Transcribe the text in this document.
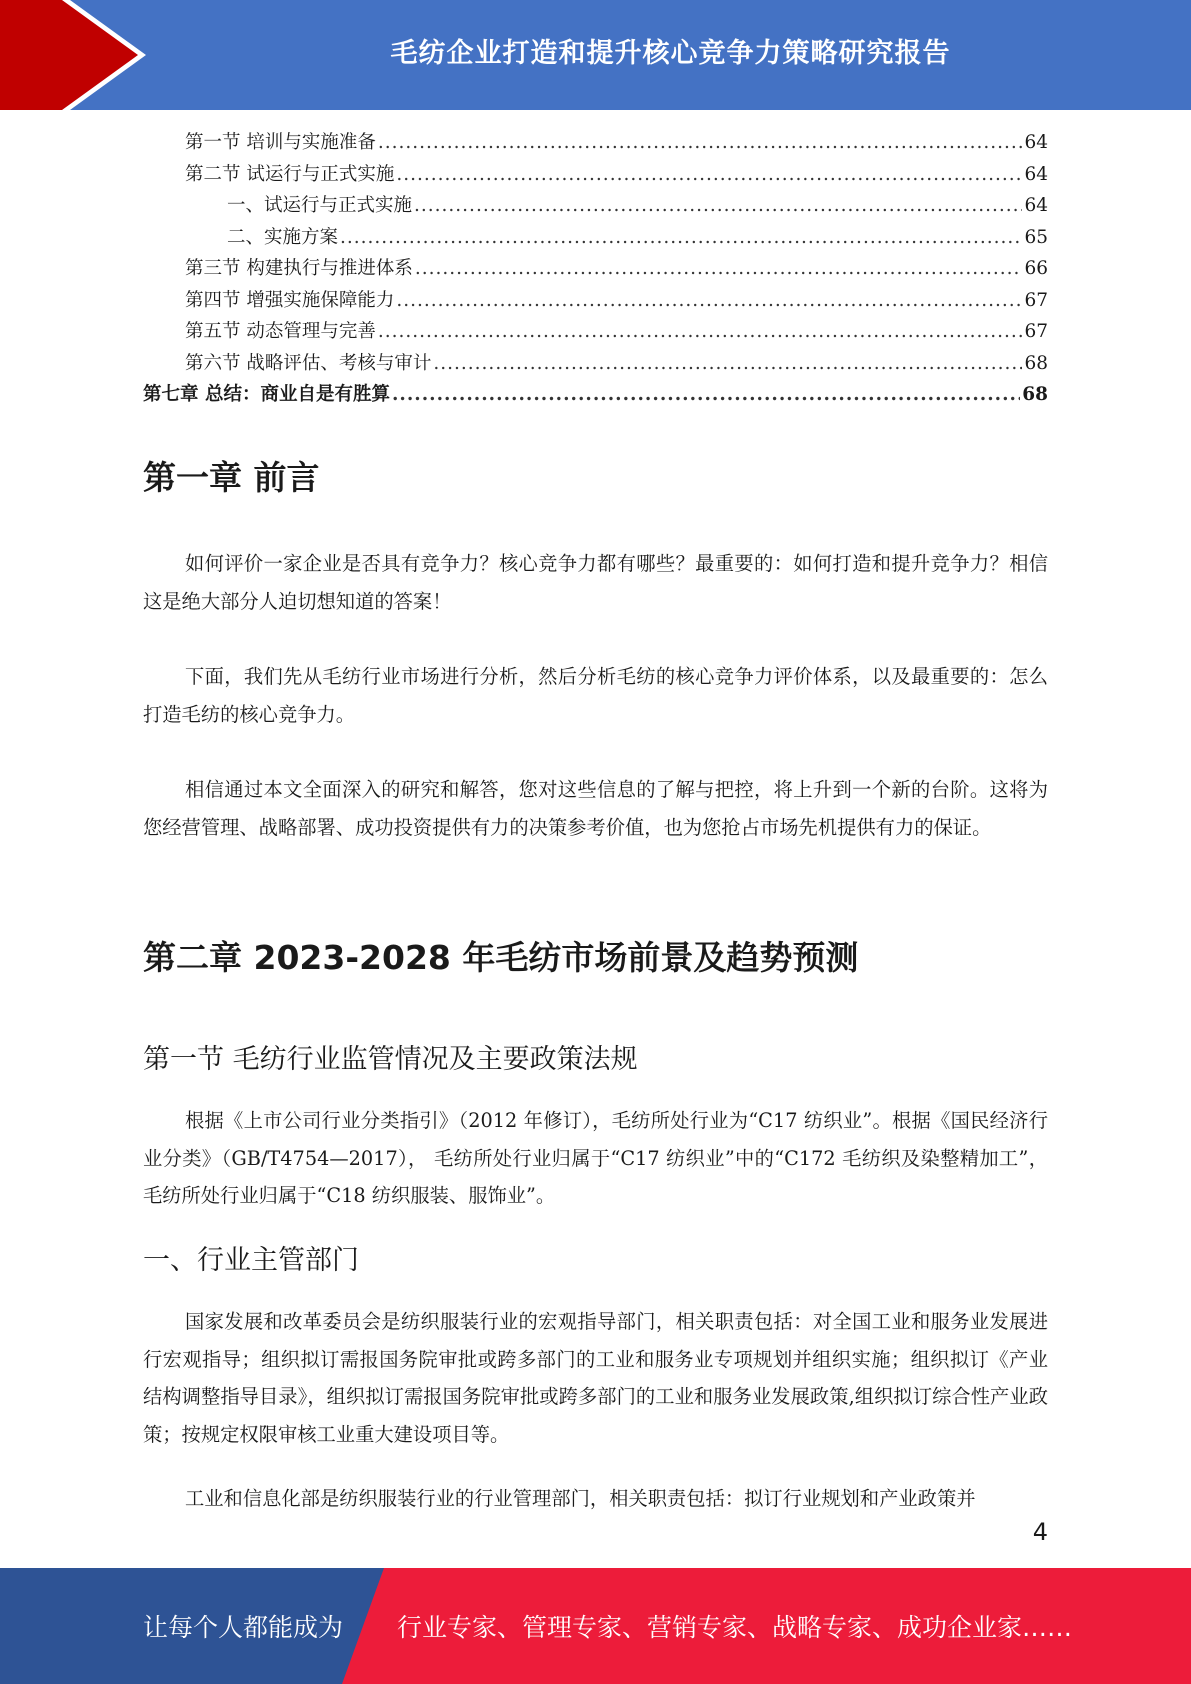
毛纺企业打造和提升核心竞争力策略研究报告
第一节 培训与实施准备 .....	64
第二节 试运行与正式实施 .....	64
一、试运行与正式实施 .....	64
二、实施方案 .....	65
第三节 构建执行与推进体系 .....	66
第四节 增强实施保障能力 .....	67
第五节 动态管理与完善 .....	67
第六节 战略评估、考核与审计 .....	68
第七章 总结：商业自是有胜算 .....	68
第一章 前言

如何评价一家企业是否具有竞争力？核心竞争力都有哪些？最重要的：如何打造和提升竞争力？相信这是绝大部分人迫切想知道的答案！

下面，我们先从毛纺行业市场进行分析，然后分析毛纺的核心竞争力评价体系，以及最重要的：怎么打造毛纺的核心竞争力。

相信通过本文全面深入的研究和解答，您对这些信息的了解与把控，将上升到一个新的台阶。这将为您经营管理、战略部署、成功投资提供有力的决策参考价值，也为您抢占市场先机提供有力的保证。

第二章 2023-2028 年毛纺市场前景及趋势预测
第一节 毛纺行业监管情况及主要政策法规

根据《上市公司行业分类指引》（2012 年修订），毛纺所处行业为“C17 纺织业”。根据《国民经济行业分类》（GB/T4754—2017）， 毛纺所处行业归属于“C17 纺织业”中的“C172 毛纺织及染整精加工”，毛纺所处行业归属于“C18 纺织服装、服饰业”。

一、行业主管部门

国家发展和改革委员会是纺织服装行业的宏观指导部门，相关职责包括：对全国工业和服务业发展进行宏观指导；组织拟订需报国务院审批或跨多部门的工业和服务业专项规划并组织实施；组织拟订《产业结构调整指导目录》，组织拟订需报国务院审批或跨多部门的工业和服务业发展政策,组织拟订综合性产业政策；按规定权限审核工业重大建设项目等。

工业和信息化部是纺织服装行业的行业管理部门，相关职责包括：拟订行业规划和产业政策并

4
让每个人都能成为 行业专家、管理专家、营销专家、战略专家、成功企业家……
